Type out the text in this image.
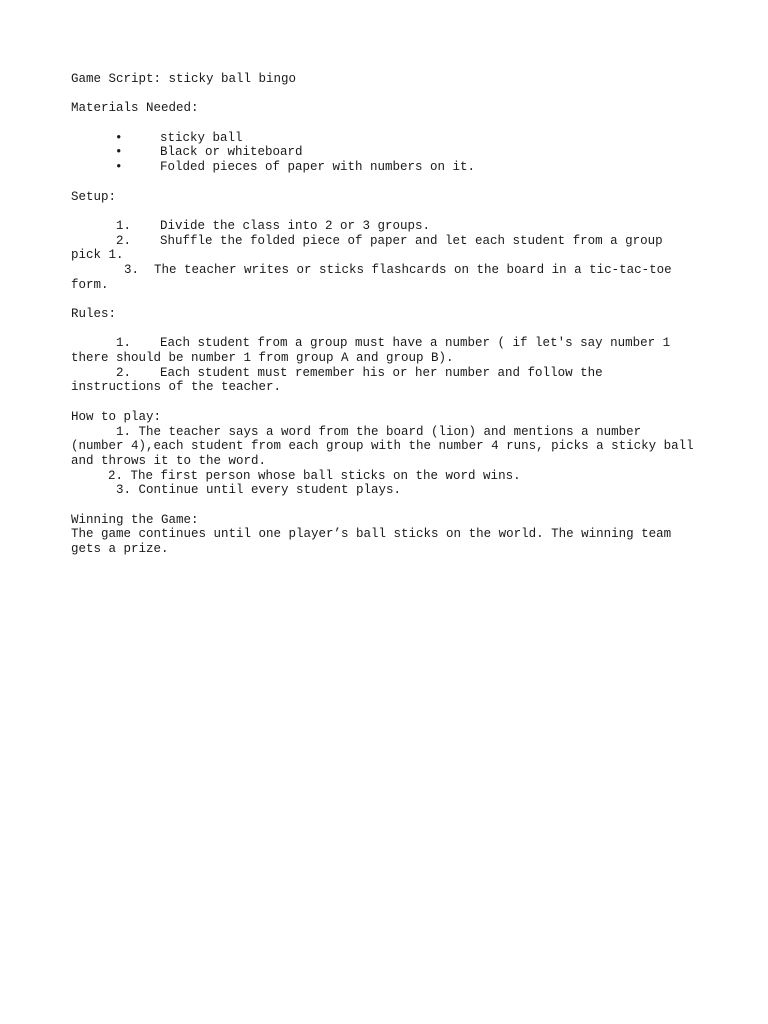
Game Script: sticky ball bingo
Materials Needed:
•	sticky ball
•	Black or whiteboard
•	Folded pieces of paper with numbers on it.
Setup:
1.	Divide the class into 2 or 3 groups.
2.	Shuffle the folded piece of paper and let each student from a group
pick 1.
3.  The teacher writes or sticks flashcards on the board in a tic-tac-toe
form.
Rules:
1.	Each student from a group must have a number ( if let's say number 1
there should be number 1 from group A and group B).
2.	Each student must remember his or her number and follow the
instructions of the teacher.
How to play:
1. The teacher says a word from the board (lion) and mentions a number
(number 4),each student from each group with the number 4 runs, picks a sticky ball
and throws it to the word.
2. The first person whose ball sticks on the word wins.
3. Continue until every student plays.
Winning the Game:
The game continues until one player’s ball sticks on the world. The winning team
gets a prize.
